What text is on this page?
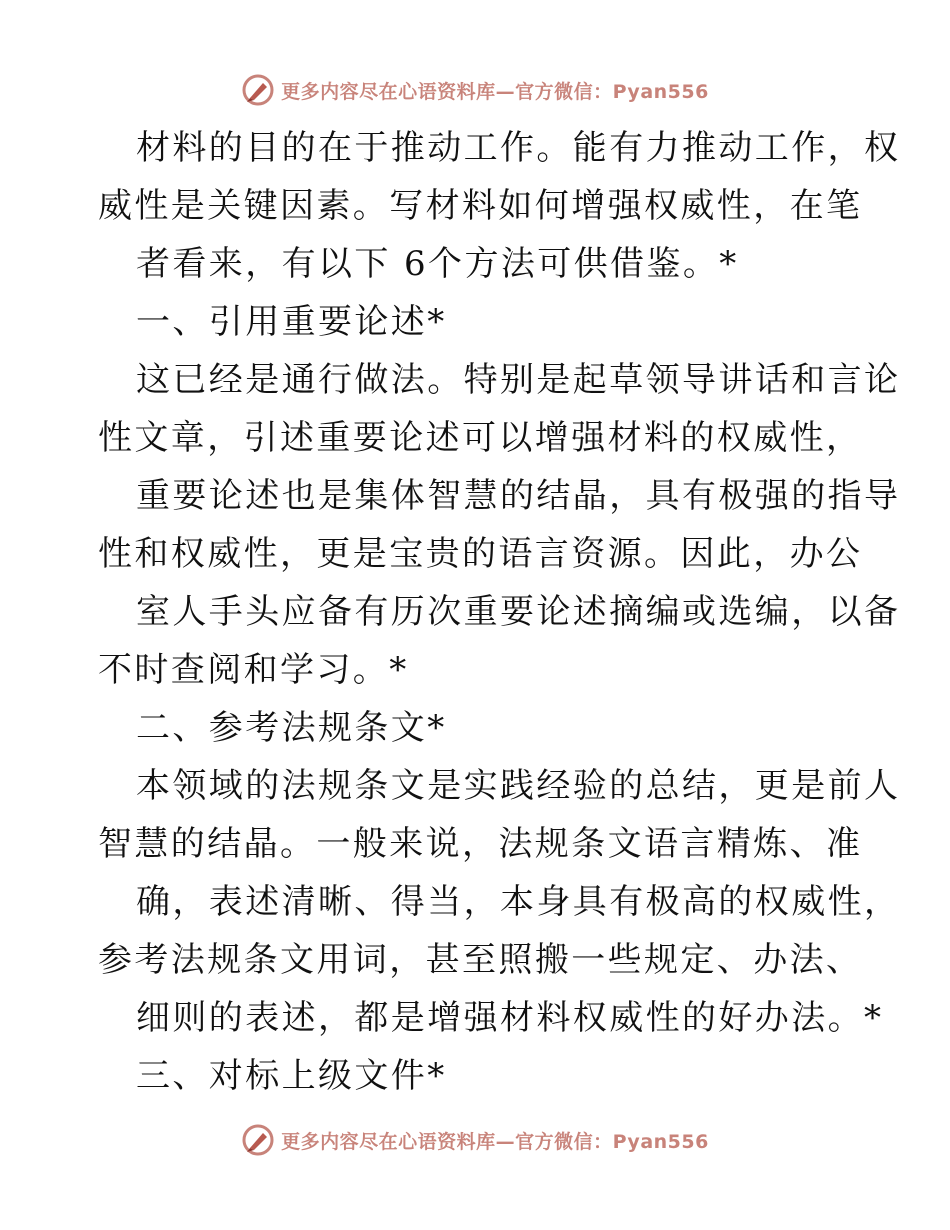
更多内容尽在心语资料库—官方微信：Pyan556
材料的目的在于推动工作。能有力推动工作，权
威性是关键因素。写材料如何增强权威性，在笔
者看来，有以下 6个方法可供借鉴。*
一、引用重要论述*
这已经是通行做法。特别是起草领导讲话和言论
性文章，引述重要论述可以增强材料的权威性，
重要论述也是集体智慧的结晶，具有极强的指导
性和权威性，更是宝贵的语言资源。因此，办公
室人手头应备有历次重要论述摘编或选编，以备
不时查阅和学习。*
二、参考法规条文*
本领域的法规条文是实践经验的总结，更是前人
智慧的结晶。一般来说，法规条文语言精炼、准
确，表述清晰、得当，本身具有极高的权威性，
参考法规条文用词，甚至照搬一些规定、办法、
细则的表述，都是增强材料权威性的好办法。*
三、对标上级文件*
更多内容尽在心语资料库—官方微信：Pyan556
